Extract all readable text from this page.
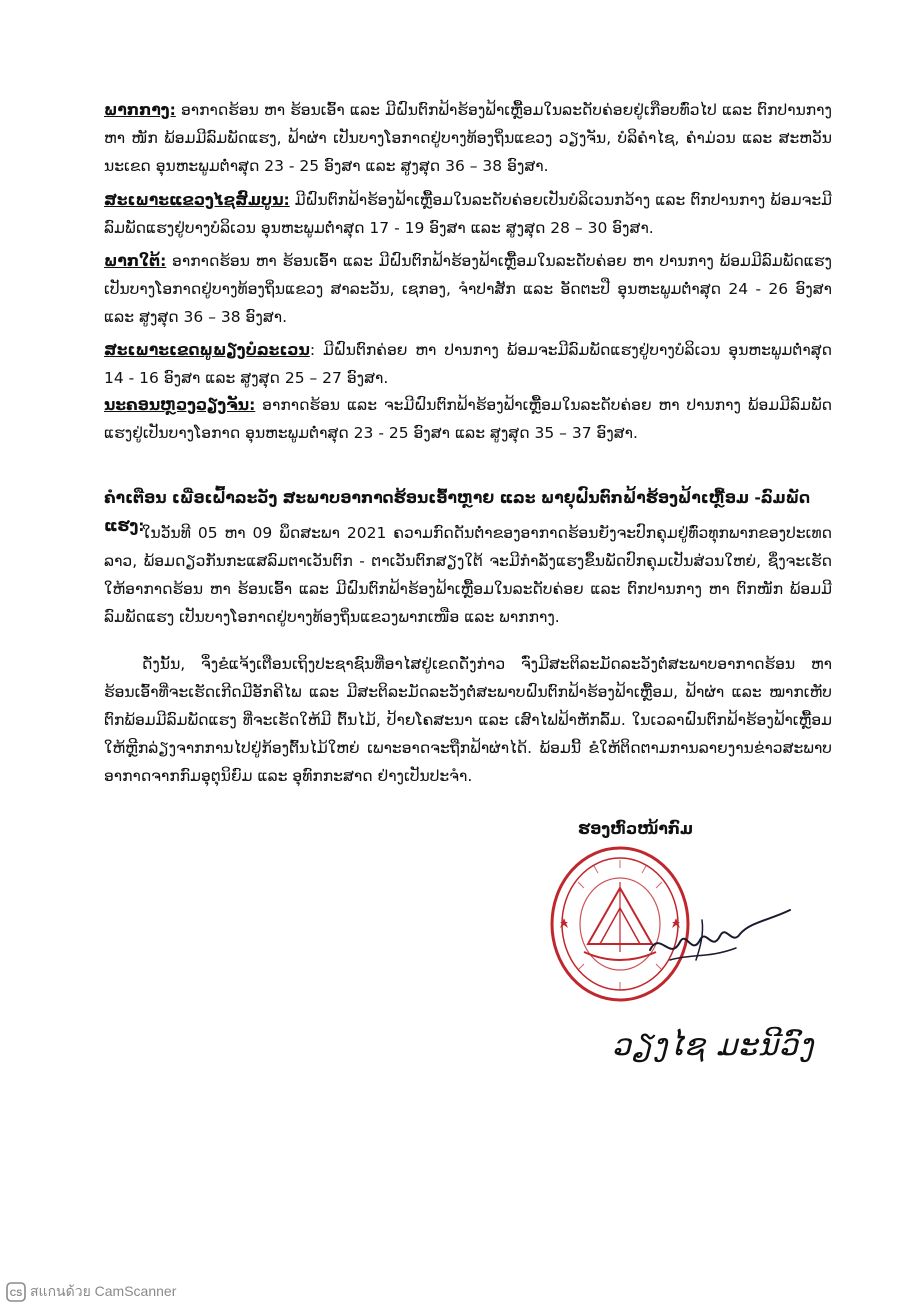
ພາກກາງ: ອາກາດຮ້ອນ ຫາ ຮ້ອນເອົ້າ ແລະ ມີຝົນຕົກຟ້າຮ້ອງຟ້າເຫຼື້ອມໃນລະດັບຄ່ອຍຢູ່ເກືອບທົ່ວໄປ ແລະ ຕົກປານກາງ ຫາ ໜັກ ພ້ອມມີລົມພັດແຮງ, ຟ້າຜ່າ ເປັນບາງໂອກາດຢູ່ບາງທ້ອງຖິ່ນແຂວງ ວຽງຈັນ, ບໍລິຄຳໄຊ, ຄຳມ່ວນ ແລະ ສະຫວັນນະເຂດ ອຸນຫະພູມຕ່ຳສຸດ 23 - 25 ອົງສາ ແລະ ສູງສຸດ 36 – 38 ອົງສາ.

ສະເພາະແຂວງໄຊສົມບູນ: ມີຝົນຕົກຟ້າຮ້ອງຟ້າເຫຼື້ອມໃນລະດັບຄ່ອຍເປັນບໍລິເວນກວ້າງ ແລະ ຕົກປານກາງ ພ້ອມຈະມີລົມພັດແຮງຢູ່ບາງບໍລິເວນ ອຸນຫະພູມຕ່ຳສຸດ 17 - 19 ອົງສາ ແລະ ສູງສຸດ 28 – 30 ອົງສາ.

ພາກໃຕ້: ອາກາດຮ້ອນ ຫາ ຮ້ອນເອົ້າ ແລະ ມີຝົນຕົກຟ້າຮ້ອງຟ້າເຫຼື້ອມໃນລະດັບຄ່ອຍ ຫາ ປານກາງ ພ້ອມມີລົມພັດແຮງ ເປັນບາງໂອກາດຢູ່ບາງທ້ອງຖິ່ນແຂວງ ສາລະວັນ, ເຊກອງ, ຈຳປາສັກ ແລະ ອັດຕະປື ອຸນຫະພູມຕ່ຳສຸດ 24 - 26 ອົງສາ ແລະ ສູງສຸດ 36 – 38 ອົງສາ.

ສະເພາະເຂດພູພຽງບໍລະເວນ: ມີຝົນຕົກຄ່ອຍ ຫາ ປານກາງ ພ້ອມຈະມີລົມພັດແຮງຢູ່ບາງບໍລິເວນ ອຸນຫະພູມຕ່ຳສຸດ 14 - 16 ອົງສາ ແລະ ສູງສຸດ 25 – 27 ອົງສາ.

ນະຄອນຫຼວງວຽງຈັນ: ອາກາດຮ້ອນ ແລະ ຈະມີຝົນຕົກຟ້າຮ້ອງຟ້າເຫຼື້ອມໃນລະດັບຄ່ອຍ ຫາ ປານກາງ ພ້ອມມີລົມພັດແຮງຢູ່ເປັນບາງໂອກາດ ອຸນຫະພູມຕ່ຳສຸດ 23 - 25 ອົງສາ ແລະ ສູງສຸດ 35 – 37 ອົງສາ.

ຄຳເຕືອນ ເພື່ອເຝົ້າລະວັງ ສະພາບອາກາດຮ້ອນເອົ້າຫຼາຍ ແລະ ພາຍຸຝົນຕົກຟ້າຮ້ອງຟ້າເຫຼື້ອມ -ລົມພັດແຮງ:

ໃນວັນທີ 05 ຫາ 09 ພຶດສະພາ 2021 ຄວາມກົດດັນຕ່ຳຂອງອາກາດຮ້ອນຍັງຈະປົກຄຸມຢູ່ທົ່ວທຸກພາກຂອງປະເທດລາວ, ພ້ອມດຽວກັນກະແສລົມຕາເວັນຕົກ - ຕາເວັນຕົກສຽງໃຕ້ ຈະມີກຳລັງແຮງຂຶ້ນພັດປົກຄຸມເປັນສ່ວນໃຫຍ່, ຊຶ່ງຈະເຮັດໃຫ້ອາກາດຮ້ອນ ຫາ ຮ້ອນເອົ້າ ແລະ ມີຝົນຕົກຟ້າຮ້ອງຟ້າເຫຼື້ອມໃນລະດັບຄ່ອຍ ແລະ ຕົກປານກາງ ຫາ ຕົກໜັກ ພ້ອມມີລົມພັດແຮງ ເປັນບາງໂອກາດຢູ່ບາງທ້ອງຖິ່ນແຂວງພາກເໜືອ ແລະ ພາກກາງ.

ດັ່ງນັ້ນ, ຈຶ່ງຂໍແຈ້ງເຕືອນເຖິງປະຊາຊົນທີ່ອາໄສຢູ່ເຂດດັ່ງກ່າວ ຈົ່ງມີສະຕິລະມັດລະວັງຕໍ່ສະພາບອາກາດຮ້ອນ ຫາ ຮ້ອນເອົ້າທີ່ຈະເຮັດເກີດມີອັກຄີໄພ ແລະ ມີສະຕິລະມັດລະວັງຕໍ່ສະພາບຝົນຕົກຟ້າຮ້ອງຟ້າເຫຼື້ອມ, ຟ້າຜ່າ ແລະ ໝາກເຫັບຕົກພ້ອມມີລົມພັດແຮງ ທີ່ຈະເຮັດໃຫ້ມີ ຕົ້ນໄມ້, ປ້າຍໂຄສະນາ ແລະ ເສົາໄຟຟ້າຫັກລົ້ມ. ໃນເວລາຝົນຕົກຟ້າຮ້ອງຟ້າເຫຼື້ອມໃຫ້ຫຼີກລ່ຽງຈາກການໄປຢູ່ກ້ອງຕົ້ນໄມ້ໃຫຍ່ ເພາະອາດຈະຖືກຟ້າຜ່າໄດ້. ພ້ອມນີ້ ຂໍໃຫ້ຕິດຕາມການລາຍງານຂ່າວສະພາບອາກາດຈາກກົມອຸຕຸນິຍົມ ແລະ ອຸທົກກະສາດ ຢ່າງເປັນປະຈຳ.

ຮອງຫົວໜ້າກົມ

ວຽງໄຊ ມະນີວົງ

CS สแกนด้วย CamScanner
